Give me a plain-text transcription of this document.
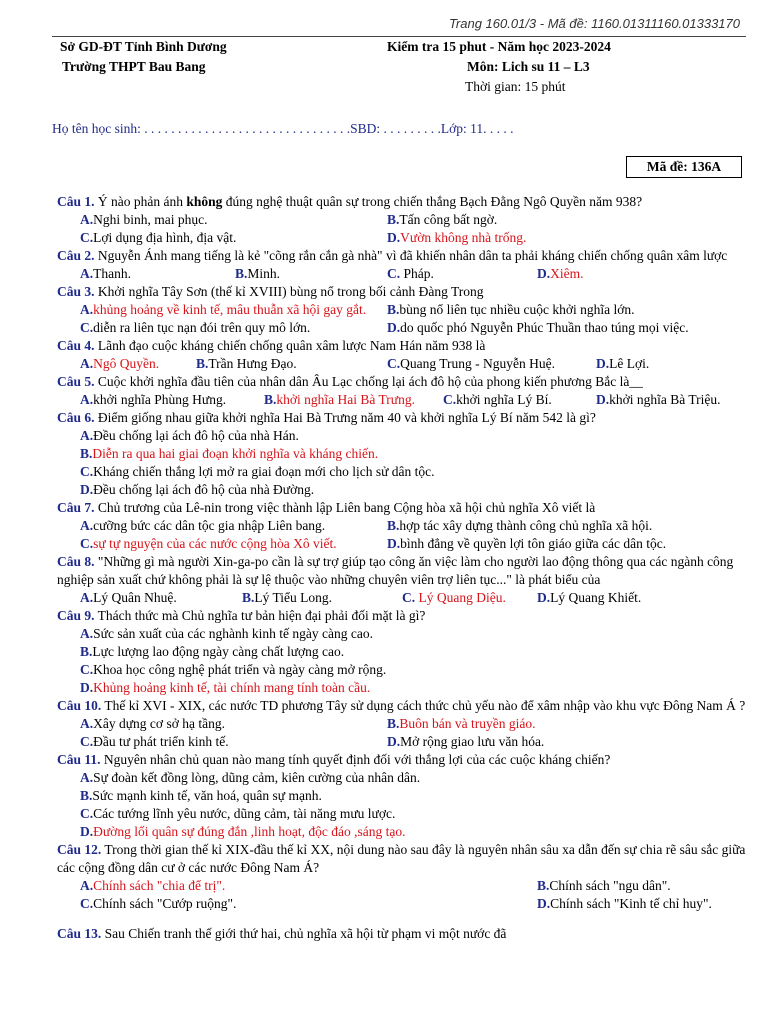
Trang 160.01/3 - Mã đề: 1160.01311160.01333170
Sở GD-ĐT Tỉnh Bình Dương
Trường THPT Bau Bang
Kiểm tra 15 phut - Năm học 2023-2024
Môn: Lich su 11 – L3
Thời gian: 15 phút
Họ tên học sinh: . . . . . . . . . . . . . . . . . . . . . . . . . . . . . . .SBD: . . . . . . . . .Lớp: 11. . . . .
Mã đề: 136A
Câu 1. Ý nào phản ánh không đúng nghệ thuật quân sự trong chiến thắng Bạch Đằng Ngô Quyền năm 938?
A.Nghi binh, mai phục.	B.Tấn công bất ngờ.
C.Lợi dụng địa hình, địa vật.	D.Vườn không nhà trống.
Câu 2. Nguyễn Ánh mang tiếng là kẻ "cõng rắn cắn gà nhà" vì đã khiến nhân dân ta phải kháng chiến chống quân xâm lược
A.Thanh.	B.Minh.	C. Pháp.	D.Xiêm.
Câu 3. Khởi nghĩa Tây Sơn (thế kỉ XVIII) bùng nổ trong bối cảnh Đàng Trong
A.khủng hoảng về kinh tế, mâu thuẫn xã hội gay gắt. B.bùng nổ liên tục nhiều cuộc khởi nghĩa lớn.
C.diễn ra liên tục nạn đói trên quy mô lớn.	D.do quốc phó Nguyễn Phúc Thuần thao túng mọi việc.
Câu 4. Lãnh đạo cuộc kháng chiến chống quân xâm lược Nam Hán năm 938 là
A.Ngô Quyền.	B.Trần Hưng Đạo.	C.Quang Trung - Nguyễn Huệ.	D.Lê Lợi.
Câu 5. Cuộc khởi nghĩa đầu tiên của nhân dân Âu Lạc chống lại ách đô hộ của phong kiến phương Bắc là__
A.khởi nghĩa Phùng Hưng.	B.khởi nghĩa Hai Bà Trưng. C.khởi nghĩa Lý Bí.	D.khởi nghĩa Bà Triệu.
Câu 6. Điểm giống nhau giữa khởi nghĩa Hai Bà Trưng năm 40 và khởi nghĩa Lý Bí năm 542 là gì?
A.Đều chống lại ách đô hộ của nhà Hán.
B.Diễn ra qua hai giai đoạn khởi nghĩa và kháng chiến.
C.Kháng chiến thắng lợi mở ra giai đoạn mới cho lịch sử dân tộc.
D.Đều chống lại ách đô hộ của nhà Đường.
Câu 7. Chủ trương của Lê-nin trong việc thành lập Liên bang Cộng hòa xã hội chủ nghĩa Xô viết là
A.cưỡng bức các dân tộc gia nhập Liên bang.	B.hợp tác xây dựng thành công chủ nghĩa xã hội.
C.sự tự nguyện của các nước cộng hòa Xô viết.	D.bình đẳng về quyền lợi tôn giáo giữa các dân tộc.
Câu 8. "Những gì mà người Xin-ga-po cần là sự trợ giúp tạo công ăn việc làm cho người lao động thông qua các ngành công nghiệp sản xuất chứ không phải là sự lệ thuộc vào những chuyên viên trợ liên tục..." là phát biểu của
A.Lý Quân Nhuệ.	B.Lý Tiểu Long.	C. Lý Quang Diệu. D.Lý Quang Khiết.
Câu 9. Thách thức mà Chủ nghĩa tư bản hiện đại phải đối mặt là gì?
A.Sức sản xuất của các nghành kinh tế ngày càng cao.
B.Lực lượng lao động ngày càng chất lượng cao.
C.Khoa học công nghệ phát triển và ngày càng mở rộng.
D.Khủng hoảng kinh tế, tài chính mang tính toàn cầu.
Câu 10. Thế kỉ XVI - XIX, các nước TD phương Tây sử dụng cách thức chủ yếu nào để xâm nhập vào khu vực Đông Nam Á ?
A.Xây dựng cơ sở hạ tầng.	B.Buôn bán và truyền giáo.
C.Đầu tư phát triển kinh tế.	D.Mở rộng giao lưu văn hóa.
Câu 11. Nguyên nhân chủ quan nào mang tính quyết định đối với thắng lợi của các cuộc kháng chiến?
A.Sự đoàn kết đồng lòng, dũng cảm, kiên cường của nhân dân.
B.Sức mạnh kinh tế, văn hoá, quân sự mạnh.
C.Các tướng lĩnh yêu nước, dũng cảm, tài năng mưu lược.
D.Đường lối quân sự đúng đắn ,linh hoạt, độc đáo ,sáng tạo.
Câu 12. Trong thời gian thế kỉ XIX-đầu thế kỉ XX, nội dung nào sau đây là nguyên nhân sâu xa dẫn đến sự chia rẽ sâu sắc giữa các cộng đồng dân cư ở các nước Đông Nam Á?
A.Chính sách "chia để trị".	B.Chính sách "ngu dân".
C.Chính sách "Cướp ruộng".	D.Chính sách "Kinh tế chỉ huy".
Câu 13. Sau Chiến tranh thế giới thứ hai, chủ nghĩa xã hội từ phạm vi một nước đã
